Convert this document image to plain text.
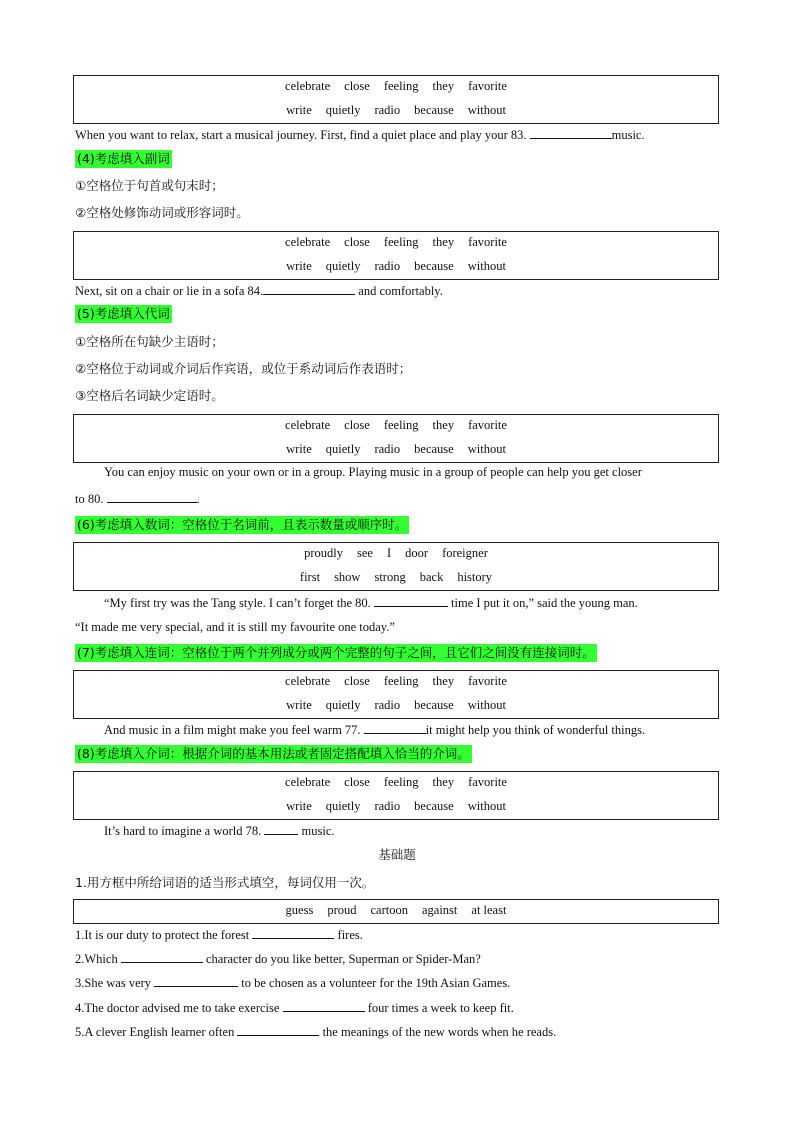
celebrate close feeling they favorite
write quietly radio because without
When you want to relax, start a musical journey. First, find a quiet place and play your 83.	music.
(4)考虑填入副词
①空格位于句首或句末时；
②空格处修饰动词或形容词时。
celebrate close feeling they favorite
write quietly radio because without
Next, sit on a chair or lie in a sofa 84.	and comfortably.
(5)考虑填入代词
①空格所在句缺少主语时；
②空格位于动词或介词后作宾语，或位于系动词后作表语时；
③空格后名词缺少定语时。
celebrate close feeling they favorite
write quietly radio because without
You can enjoy music on your own or in a group. Playing music in a group of people can help you get closer
to 80.	.
(6)考虑填入数词：空格位于名词前，且表示数量或顺序时。
proudly see I door foreigner
first show strong back history
“My first try was the Tang style. I can’t forget the 80.	time I put it on,” said the young man.
“It made me very special, and it is still my favourite one today.”
(7)考虑填入连词：空格位于两个并列成分或两个完整的句子之间，且它们之间没有连接词时。
celebrate close feeling they favorite
write quietly radio because without
And music in a film might make you feel warm 77.	it might help you think of wonderful things.
(8)考虑填入介词：根据介词的基本用法或者固定搭配填入恰当的介词。
celebrate close feeling they favorite
write quietly radio because without
It’s hard to imagine a world 78.	music.
基础题
1.用方框中所给词语的适当形式填空，每词仅用一次。
guess proud cartoon against at least
1.It is our duty to protect the forest	fires.
2.Which	character do you like better, Superman or Spider-Man?
3.She was very	to be chosen as a volunteer for the 19th Asian Games.
4.The doctor advised me to take exercise	four times a week to keep fit.
5.A clever English learner often	the meanings of the new words when he reads.
